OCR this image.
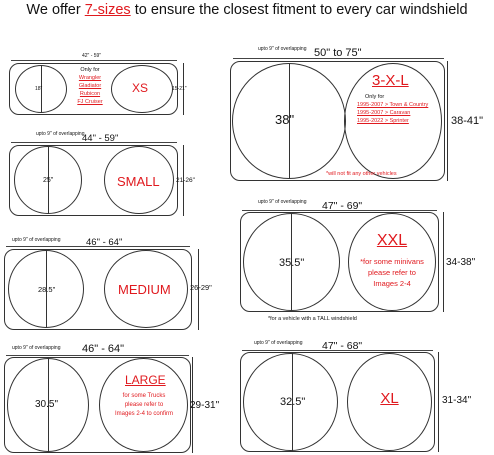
We offer 7-sizes to ensure the closest fitment to every car windshield
42" - 59"
18"	XS
Only for
Wrangler
Gladiator
Rubicon
FJ Cruiser
15-21"
upto 9" of overlapping
44" - 59"
25"	SMALL	21-26"
upto 9" of overlapping	46" - 64"
28.5"	MEDIUM	26-29"
upto 9" of overlapping 46" - 64"
30.5"
LARGE
for some Trucks
please refer to
Images 2-4 to confirm
29-31"
upto 9" of overlapping 50" to 75"
38"
3-X-L
Only for
1995-2007 > Town & Country
1995-2007 > Caravan
1995-2022 > Sprinter
*will not fit any other vehicles
38-41"
upto 9" of overlapping 47" - 69"
35.5"
XXL
*for some minivans
please refer to
Images 2-4
*for a vehicle with a TALL windshield
34-38"
upto 9" of overlapping 47" - 68"
32.5"	XL	31-34"
